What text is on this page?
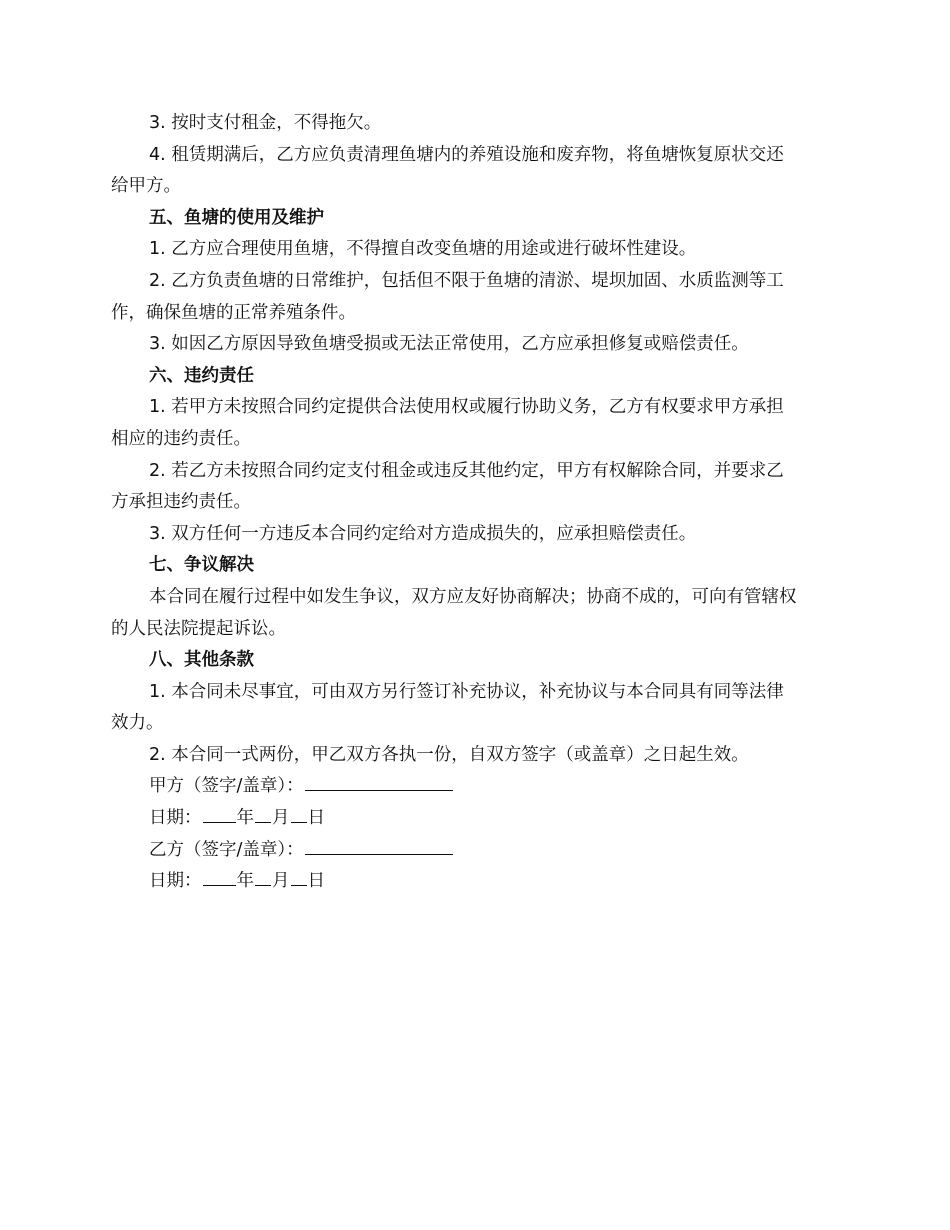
3. 按时支付租金，不得拖欠。
4. 租赁期满后，乙方应负责清理鱼塘内的养殖设施和废弃物，将鱼塘恢复原状交还
给甲方。
五、鱼塘的使用及维护
1. 乙方应合理使用鱼塘，不得擅自改变鱼塘的用途或进行破坏性建设。
2. 乙方负责鱼塘的日常维护，包括但不限于鱼塘的清淤、堤坝加固、水质监测等工
作，确保鱼塘的正常养殖条件。
3. 如因乙方原因导致鱼塘受损或无法正常使用，乙方应承担修复或赔偿责任。
六、违约责任
1. 若甲方未按照合同约定提供合法使用权或履行协助义务，乙方有权要求甲方承担
相应的违约责任。
2. 若乙方未按照合同约定支付租金或违反其他约定，甲方有权解除合同，并要求乙
方承担违约责任。
3. 双方任何一方违反本合同约定给对方造成损失的，应承担赔偿责任。
七、争议解决
本合同在履行过程中如发生争议，双方应友好协商解决；协商不成的，可向有管辖权
的人民法院提起诉讼。
八、其他条款
1. 本合同未尽事宜，可由双方另行签订补充协议，补充协议与本合同具有同等法律
效力。
2. 本合同一式两份，甲乙双方各执一份，自双方签字（或盖章）之日起生效。
甲方（签字/盖章）：
日期： 年 月 日
乙方（签字/盖章）：
日期： 年 月 日
